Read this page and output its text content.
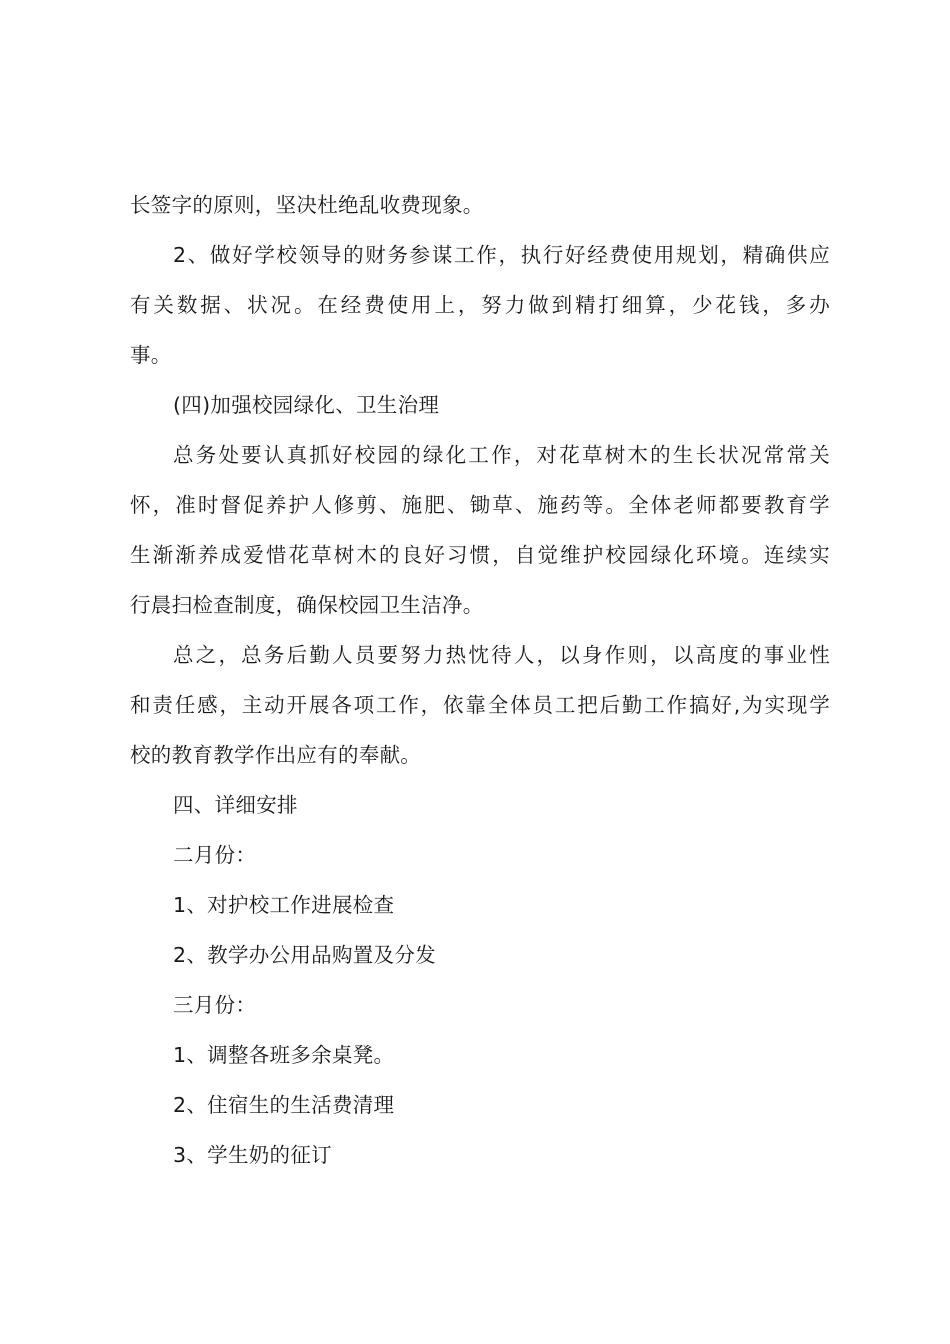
长签字的原则，坚决杜绝乱收费现象。
2、做好学校领导的财务参谋工作，执行好经费使用规划，精确供应
有关数据、状况。在经费使用上，努力做到精打细算，少花钱，多办
事。
(四)加强校园绿化、卫生治理
总务处要认真抓好校园的绿化工作，对花草树木的生长状况常常关
怀，准时督促养护人修剪、施肥、锄草、施药等。全体老师都要教育学
生渐渐养成爱惜花草树木的良好习惯，自觉维护校园绿化环境。连续实
行晨扫检查制度，确保校园卫生洁净。
总之，总务后勤人员要努力热忱待人，以身作则，以高度的事业性
和责任感，主动开展各项工作，依靠全体员工把后勤工作搞好,为实现学
校的教育教学作出应有的奉献。
四、详细安排
二月份：
1、对护校工作进展检查
2、教学办公用品购置及分发
三月份：
1、调整各班多余桌凳。
2、住宿生的生活费清理
3、学生奶的征订
